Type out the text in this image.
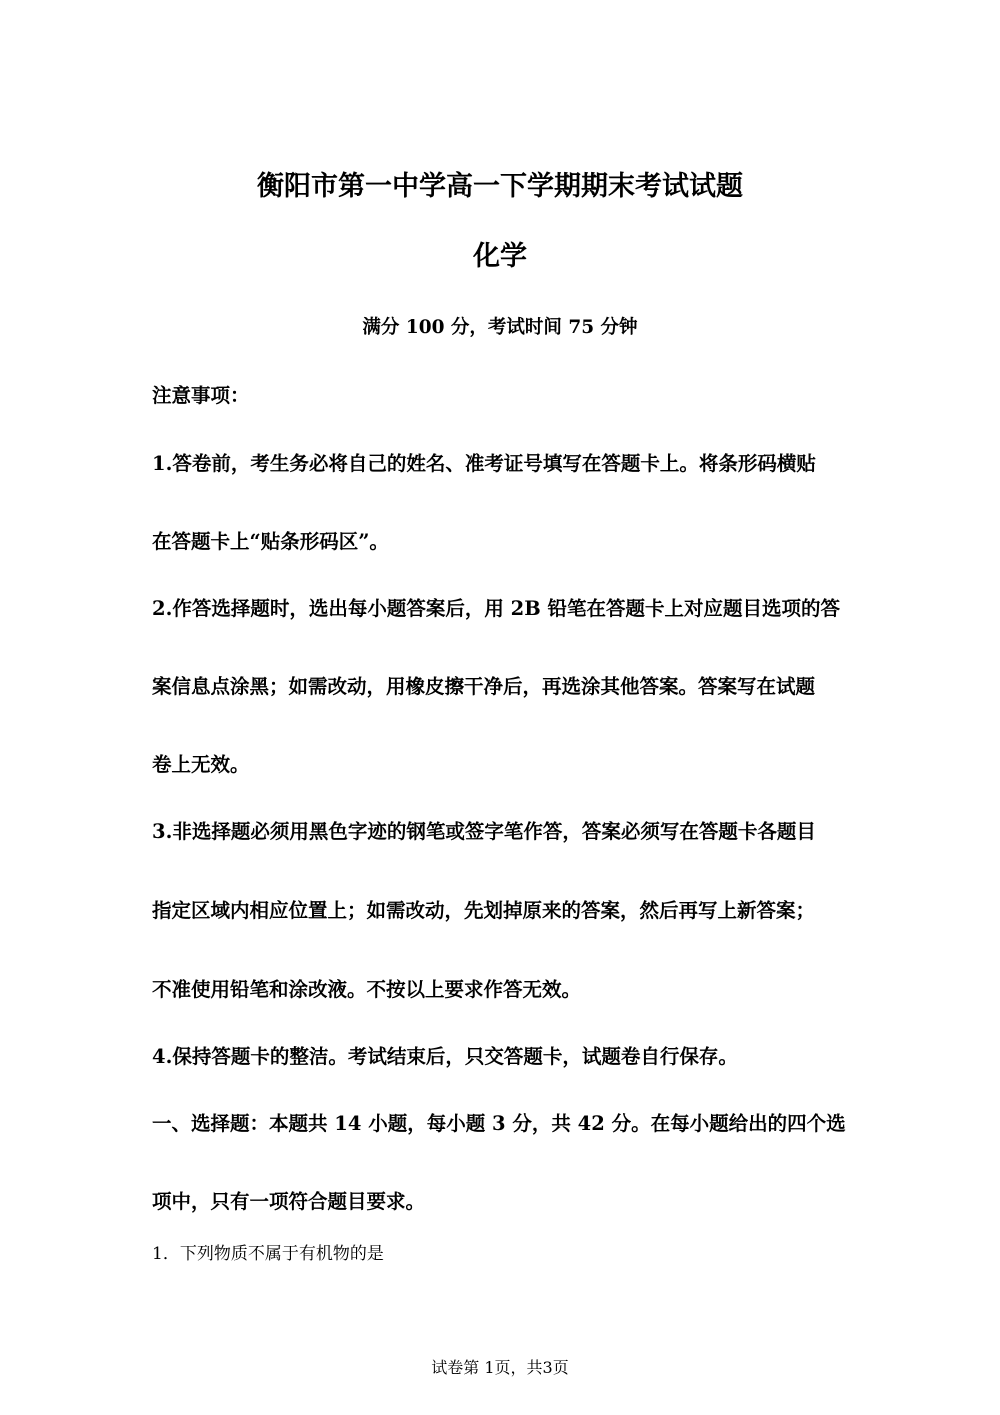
衡阳市第一中学高一下学期期末考试试题
化学
满分 100 分，考试时间 75 分钟
注意事项：
1.答卷前，考生务必将自己的姓名、准考证号填写在答题卡上。将条形码横贴
在答题卡上“贴条形码区”。
2.作答选择题时，选出每小题答案后，用 2B 铅笔在答题卡上对应题目选项的答
案信息点涂黑；如需改动，用橡皮擦干净后，再选涂其他答案。答案写在试题
卷上无效。
3.非选择题必须用黑色字迹的钢笔或签字笔作答，答案必须写在答题卡各题目
指定区域内相应位置上；如需改动，先划掉原来的答案，然后再写上新答案；
不准使用铅笔和涂改液。不按以上要求作答无效。
4.保持答题卡的整洁。考试结束后，只交答题卡，试题卷自行保存。
一、选择题：本题共 14 小题，每小题 3 分，共 42 分。在每小题给出的四个选
项中，只有一项符合题目要求。
1．下列物质不属于有机物的是
试卷第 1页，共3页
